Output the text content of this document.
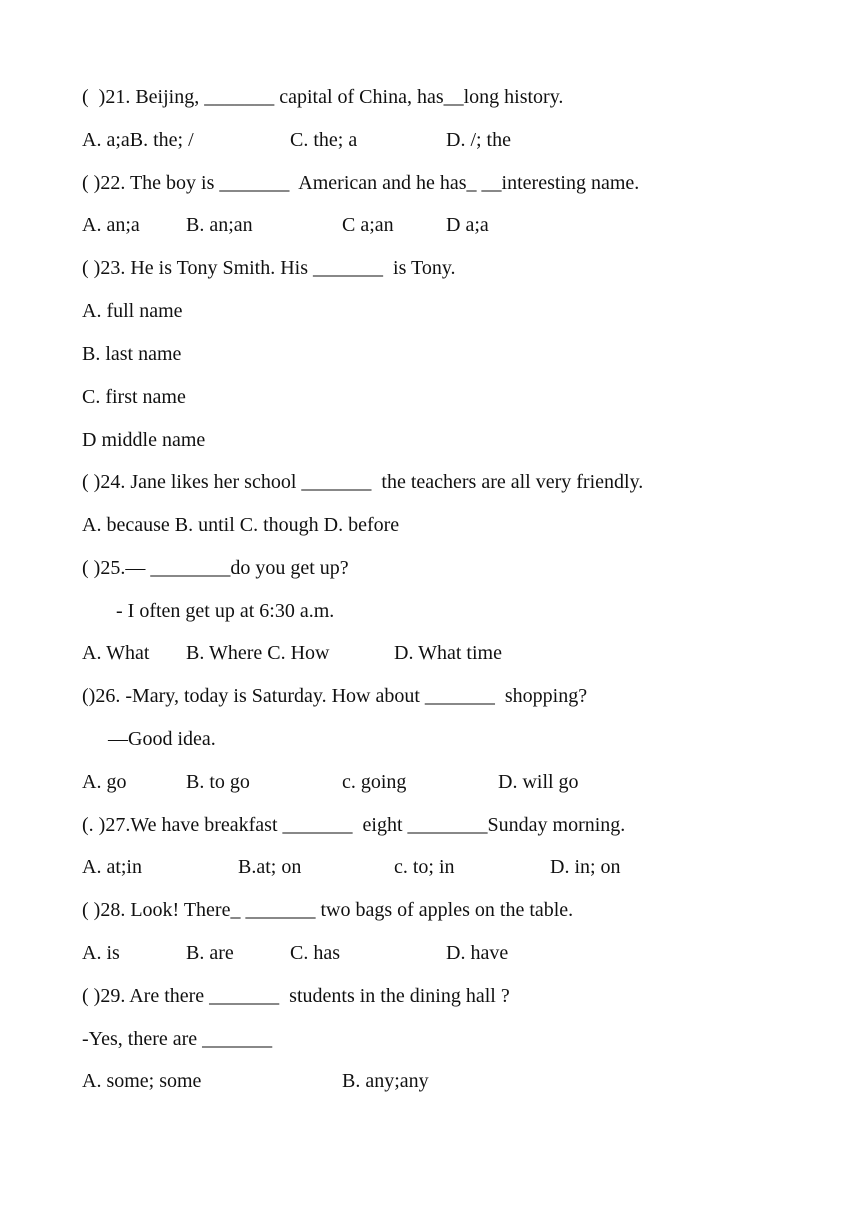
(  )21. Beijing, _______ capital of China, has__long history.

A. a;aB. the; /

	C. the; a

	D. /; the

( )22. The boy is _______  American and he has_ __interesting name.

A. an;a

B. an;an

	C a;an

	D a;a

( )23. He is Tony Smith. His _______  is Tony.
A. full name
B. last name
C. first name
D middle name
( )24. Jane likes her school _______  the teachers are all very friendly.
A. because B. until C. though D. before
( )25.— ________do you get up?
- I often get up at 6:30 a.m.

A. What

B. Where C. How

	D. What time

()26. -Mary, today is Saturday. How about _______  shopping?
—Good idea.

A. go

	B. to go

	c. going

	D. will go

(. )27.We have breakfast _______  eight ________Sunday morning.

A. at;in

	B.at; on

	c. to; in

	D. in; on

( )28. Look! There_ _______ two bags of apples on the table.

A. is

	B. are

	C. has

	D. have

( )29. Are there _______  students in the dining hall ?
-Yes, there are _______

A. some; some

	B. any;any
